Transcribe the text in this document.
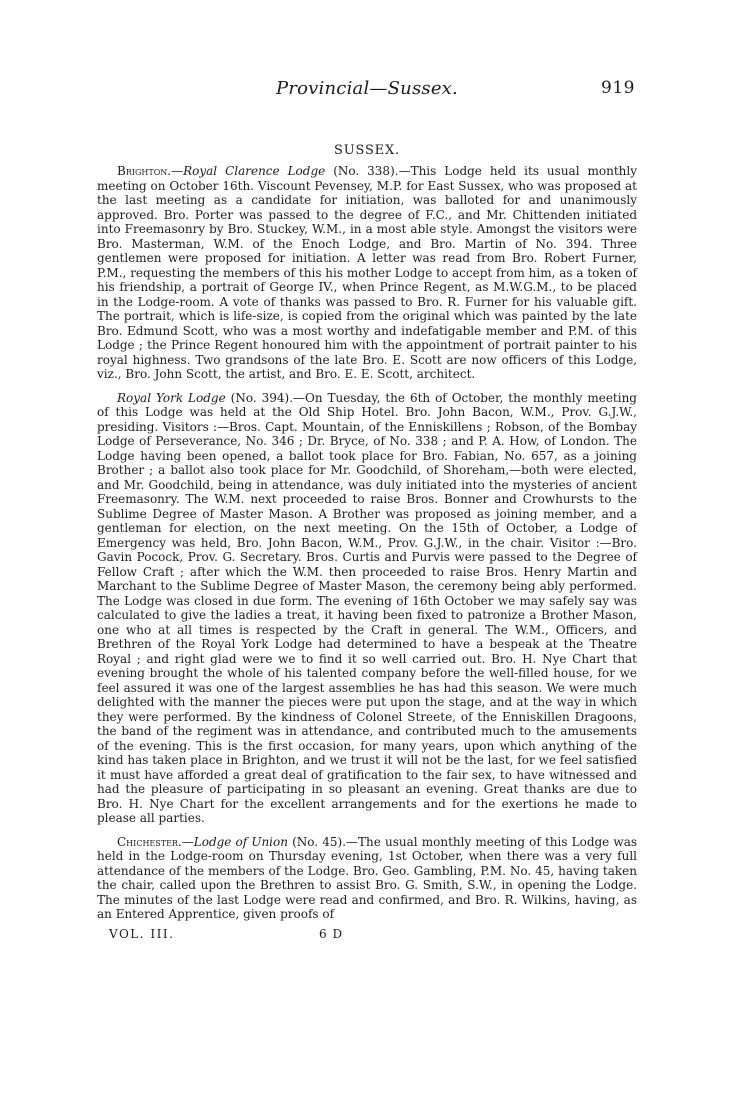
Provincial—Sussex.	919
SUSSEX.

Brighton.—Royal Clarence Lodge (No. 338).—This Lodge held its usual monthly meeting on October 16th. Viscount Pevensey, M.P. for East Sussex, who was proposed at the last meeting as a candidate for initiation, was balloted for and unanimously approved. Bro. Porter was passed to the degree of F.C., and Mr. Chittenden initiated into Freemasonry by Bro. Stuckey, W.M., in a most able style. Amongst the visitors were Bro. Masterman, W.M. of the Enoch Lodge, and Bro. Martin of No. 394. Three gentlemen were proposed for initiation. A letter was read from Bro. Robert Furner, P.M., requesting the members of this his mother Lodge to accept from him, as a token of his friendship, a portrait of George IV., when Prince Regent, as M.W.G.M., to be placed in the Lodge-room. A vote of thanks was passed to Bro. R. Furner for his valuable gift. The portrait, which is life-size, is copied from the original which was painted by the late Bro. Edmund Scott, who was a most worthy and indefatigable member and P.M. of this Lodge ; the Prince Regent honoured him with the appointment of portrait painter to his royal highness. Two grandsons of the late Bro. E. Scott are now officers of this Lodge, viz., Bro. John Scott, the artist, and Bro. E. E. Scott, architect.

Royal York Lodge (No. 394).—On Tuesday, the 6th of October, the monthly meeting of this Lodge was held at the Old Ship Hotel. Bro. John Bacon, W.M., Prov. G.J.W., presiding. Visitors :—Bros. Capt. Mountain, of the Enniskillens ; Robson, of the Bombay Lodge of Perseverance, No. 346 ; Dr. Bryce, of No. 338 ; and P. A. How, of London. The Lodge having been opened, a ballot took place for Bro. Fabian, No. 657, as a joining Brother ; a ballot also took place for Mr. Goodchild, of Shoreham,—both were elected, and Mr. Goodchild, being in attendance, was duly initiated into the mysteries of ancient Freemasonry. The W.M. next proceeded to raise Bros. Bonner and Crowhursts to the Sublime Degree of Master Mason. A Brother was proposed as joining member, and a gentleman for election, on the next meeting. On the 15th of October, a Lodge of Emergency was held, Bro. John Bacon, W.M., Prov. G.J.W., in the chair. Visitor :—Bro. Gavin Pocock, Prov. G. Secretary. Bros. Curtis and Purvis were passed to the Degree of Fellow Craft ; after which the W.M. then proceeded to raise Bros. Henry Martin and Marchant to the Sublime Degree of Master Mason, the ceremony being ably performed. The Lodge was closed in due form. The evening of 16th October we may safely say was calculated to give the ladies a treat, it having been fixed to patronize a Brother Mason, one who at all times is respected by the Craft in general. The W.M., Officers, and Brethren of the Royal York Lodge had determined to have a bespeak at the Theatre Royal ; and right glad were we to find it so well carried out. Bro. H. Nye Chart that evening brought the whole of his talented company before the well-filled house, for we feel assured it was one of the largest assemblies he has had this season. We were much delighted with the manner the pieces were put upon the stage, and at the way in which they were performed. By the kindness of Colonel Streete, of the Enniskillen Dragoons, the band of the regiment was in attendance, and contributed much to the amusements of the evening. This is the first occasion, for many years, upon which anything of the kind has taken place in Brighton, and we trust it will not be the last, for we feel satisfied it must have afforded a great deal of gratification to the fair sex, to have witnessed and had the pleasure of participating in so pleasant an evening. Great thanks are due to Bro. H. Nye Chart for the excellent arrangements and for the exertions he made to please all parties.

Chichester.—Lodge of Union (No. 45).—The usual monthly meeting of this Lodge was held in the Lodge-room on Thursday evening, 1st October, when there was a very full attendance of the members of the Lodge. Bro. Geo. Gambling, P.M. No. 45, having taken the chair, called upon the Brethren to assist Bro. G. Smith, S.W., in opening the Lodge. The minutes of the last Lodge were read and confirmed, and Bro. R. Wilkins, having, as an Entered Apprentice, given proofs of

VOL. III.	6 D
